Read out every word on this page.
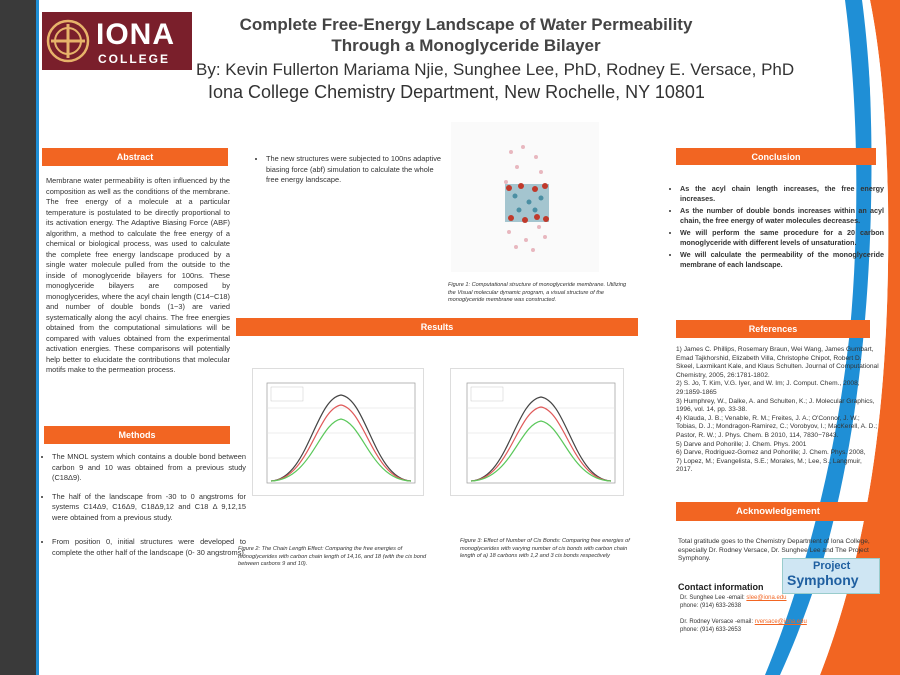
IONA
COLLEGE
Complete Free-Energy Landscape of Water Permeability
Through a Monoglyceride Bilayer
By: Kevin Fullerton Mariama Njie, Sunghee Lee, PhD, Rodney E. Versace, PhD
Iona College Chemistry Department, New Rochelle, NY 10801
Abstract
Membrane water permeability is often influenced by the composition as well as the conditions of the membrane. The free energy of a molecule at a particular temperature is postulated to be directly proportional to its activation energy. The Adaptive Biasing Force (ABF) algorithm, a method to calculate the free energy of a chemical or biological process, was used to calculate the complete free energy landscape produced by a single water molecule pulled from the outside to the inside of monoglyceride bilayers for 100ns. These monoglyceride bilayers are composed by monoglycerides, where the acyl chain length (C14−C18) and number of double bonds (1−3) are varied systematically along the acyl chains. The free energies obtained from the computational simulations will be compared with values obtained from the experimental activation energies. These comparisons will potentially help better to elucidate the contributions that molecular motifs make to the permeation process.
Methods
• The MNOL system which contains a double bond between carbon 9 and 10 was obtained from a previous study (C18Δ9).
• The half of the landscape from -30 to 0 angstroms for systems C14Δ9, C16Δ9, C18Δ9,12 and C18 Δ 9,12,15 were obtained from a previous study.
• From position 0, initial structures were developed to complete the other half of the landscape (0- 30 angstroms).
• The new structures were subjected to 100ns adaptive biasing force (abf) simulation to calculate the whole free energy landscape.
Figure 1: Computational structure of monoglyceride membrane. Utilizing the Visual molecular dynamic program, a visual structure of the monoglyceride membrane was constructed.
Results
Figure 2: The Chain Length Effect: Comparing the free energies of monoglycerides with carbon chain length of 14,16, and 18 (with the cis bond between carbons 9 and 10).
Figure 3: Effect of Number of Cis Bonds: Comparing free energies of monoglycerides with varying number of cis bonds with carbon chain length of a) 18 carbons with 1,2 and 3 cis bonds respectively
Conclusion
• As the acyl chain length increases, the free energy increases.
• As the number of double bonds increases within an acyl chain, the free energy of water molecules decreases.
• We will perform the same procedure for a 20 carbon monoglyceride with different levels of unsaturation.
• We will calculate the permeability of the monoglyceride membrane of each landscape.
References
1) James C. Phillips, Rosemary Braun, Wei Wang, James Gumbart, Emad Tajkhorshid, Elizabeth Villa, Christophe Chipot, Robert D. Skeel, Laxmikant Kale, and Klaus Schulten. Journal of Computational Chemistry, 2005, 26:1781-1802.
2) S. Jo, T. Kim, V.G. Iyer, and W. Im; J. Comput. Chem., 2008, 29:1859-1865
3) Humphrey, W., Dalke, A. and Schulten, K.; J. Molecular Graphics, 1996, vol. 14, pp. 33-38.
4) Klauda, J. B.; Venable, R. M.; Freites, J. A.; O'Connor, J. W.; Tobias, D. J.; Mondragon-Ramirez, C.; Vorobyov, I.; MacKerell, A. D.; Pastor, R. W.; J. Phys. Chem. B 2010, 114, 7830−7843.
5) Darve and Pohorille; J. Chem. Phys. 2001
6) Darve, Rodriguez-Gomez and Pohorille; J. Chem. Phys. 2008,
7) Lopez, M.; Evangelista, S.E.; Morales, M.; Lee, S.; Langmuir, 2017.
Acknowledgement
Total gratitude goes to the Chemistry Department of Iona College, especially Dr. Rodney Versace, Dr. Sunghee Lee and The Project Symphony.
Contact information
Dr. Sunghee Lee -email: slee@iona.edu
phone: (914) 633-2638
Dr. Rodney Versace -email: rversace@iona.edu
phone: (914) 633-2653
Project
Symphony
